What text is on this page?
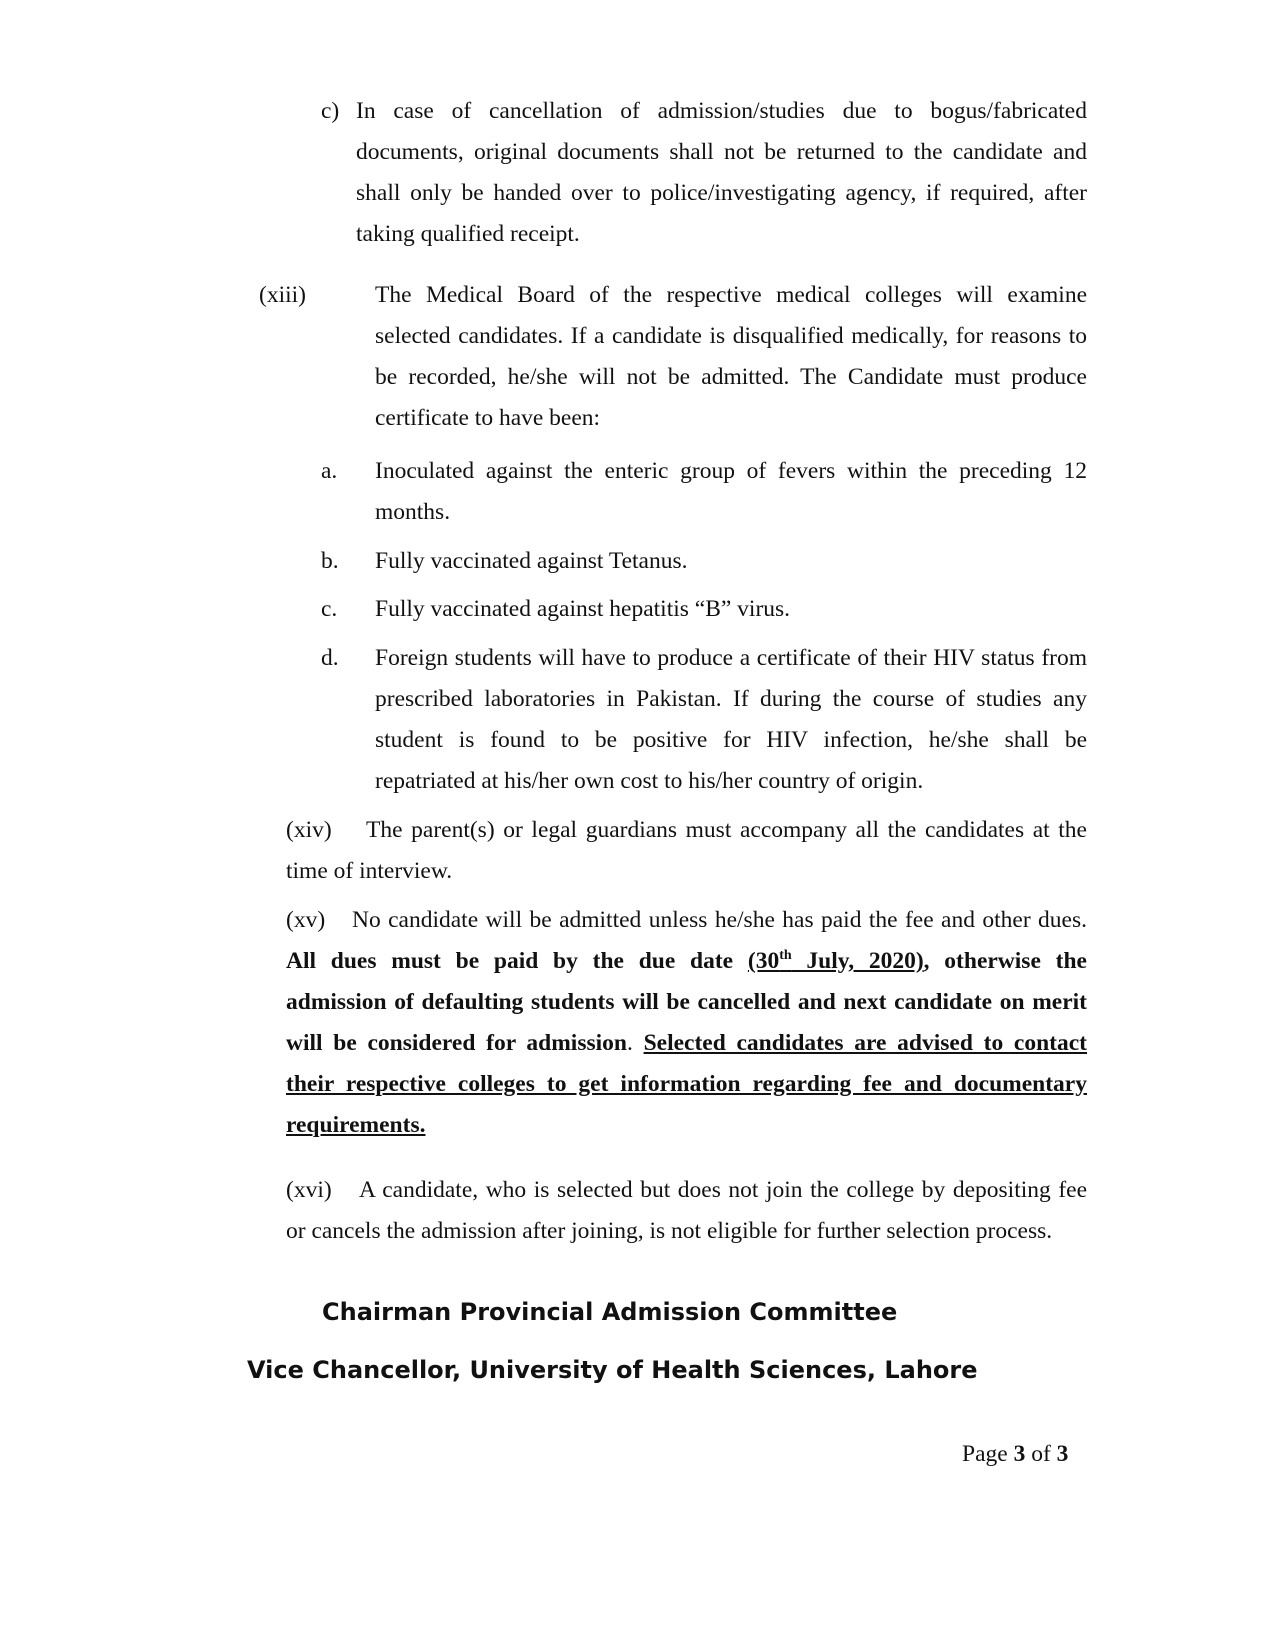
c) In case of cancellation of admission/studies due to bogus/fabricated
documents, original documents shall not be returned to the candidate and
shall only be handed over to police/investigating agency, if required, after
taking qualified receipt.
(xiii)	The Medical Board of the respective medical colleges will examine
selected candidates. If a candidate is disqualified medically, for reasons to
be recorded, he/she will not be admitted. The Candidate must produce
certificate to have been:
a. Inoculated against the enteric group of fevers within the preceding 12
months.
b. Fully vaccinated against Tetanus.
c. Fully vaccinated against hepatitis “B” virus.
d. Foreign students will have to produce a certificate of their HIV status from
prescribed laboratories in Pakistan. If during the course of studies any
student is found to be positive for HIV infection, he/she shall be
repatriated at his/her own cost to his/her country of origin.
(xiv) The parent(s) or legal guardians must accompany all the candidates at the
time of interview.
(xv) No candidate will be admitted unless he/she has paid the fee and other dues.
All dues must be paid by the due date (30th July, 2020), otherwise the
admission of defaulting students will be cancelled and next candidate on merit
will be considered for admission. Selected candidates are advised to contact
their respective colleges to get information regarding fee and documentary
requirements.
(xvi) A candidate, who is selected but does not join the college by depositing fee
or cancels the admission after joining, is not eligible for further selection process.
Chairman Provincial Admission Committee
Vice Chancellor, University of Health Sciences, Lahore
Page 3 of 3
